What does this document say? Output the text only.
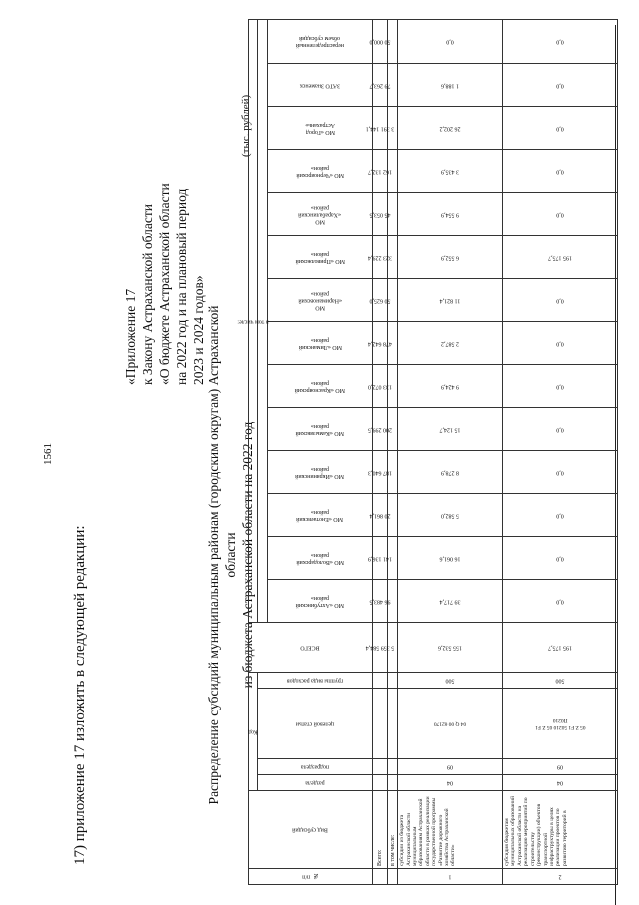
1561
17) приложение 17 изложить в следующей редакции:
«Приложение 17 к Закону Астраханской области «О бюджете Астраханской области на 2022 год и на плановый период 2023 и 2024 годов» Распределение субсидий муниципальным районам (городским округам) Астраханской области из бюджета Астраханской области на 2022 год
(тыс. рублей)
№ п/п	Вид субсидий	Код				ВСЕГО	в том числе:													

		раздела	подраздела	целевой статьи	группы вида расходов															

							МО «Ахтубинский район»	МО «Володарский район»	МО «Енотаевский район»	МО «Икрянинский район»	МО «Камызякский район»	МО «Красноярский район»	МО «Лиманский район»	МО «Наримановский район»	МО «Приволжский район»	МО «Харабалинский район»	МО «Черноярский район»	МО «Город Астрахань»	ЗАТО Знаменск	нераспределенный объем субсидий

	Всего:					5 359 584,4	96 483,5	141 136,9	20 861,4	187 640,3	200 299,5	133 072,0	478 642,4	50 625,0	323 229,4	45 053,5	162 132,7	3 391 144,1	79 263,7	50 000,0

	в том числе:																			

1	субсидии из бюджета Астраханской области муниципальным образованиям Астраханской области в рамках реализации государственной программы «Развитие дорожного хозяйства Астраханской области»	04	09	04 Q 00 62170	500	155 532,6	39 717,4	16 061,6	5 582,0	8 278,9	15 124,7	9 424,9	2 587,2	11 821,4	6 552,9	9 554,9	3 435,9	26 202,2	1 188,6	0,0

2	субсидия бюджетам муниципальных образований Астраханской области на реализацию мероприятий по строительству (реконструкции) объектов транспортной инфраструктуры в целях реализации проектов по развитию территорий в	04	09	05 Z F1 50210 05 Z F1 П0210	500	195 175,7	0,0	0,0	0,0	0,0	0,0	0,0	0,0	0,0	195 175,7	0,0	0,0	0,0	0,0	0,0
